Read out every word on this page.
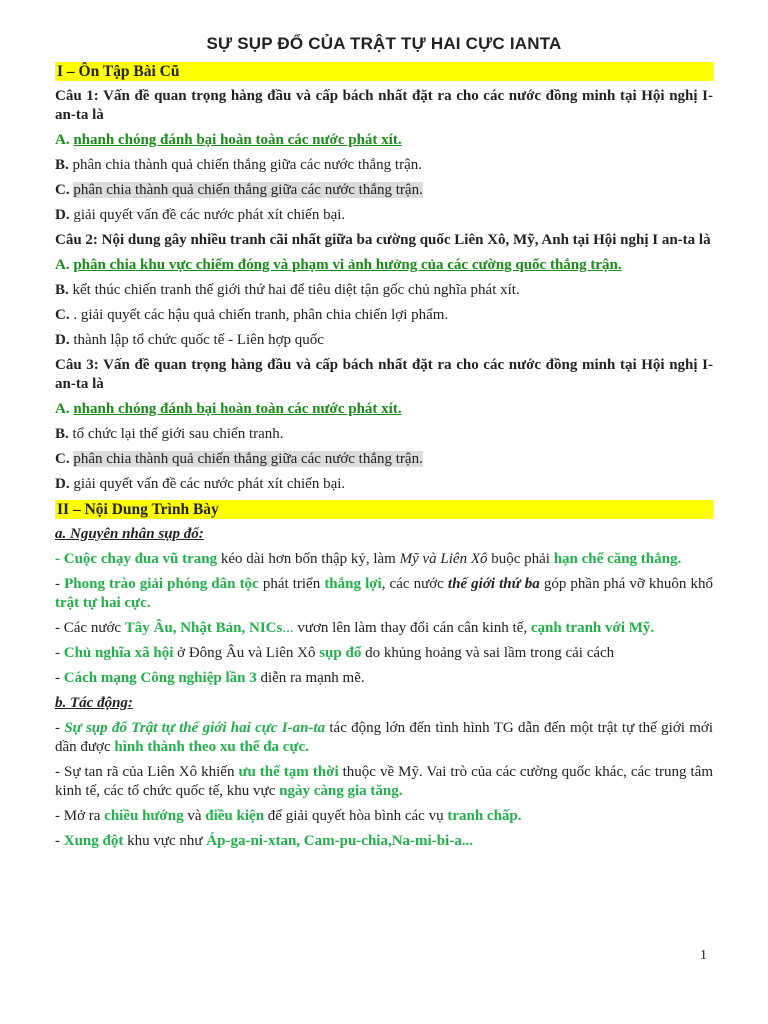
SỰ SỤP ĐỔ CỦA TRẬT TỰ HAI CỰC IANTA
I – Ôn Tập Bài Cũ

Câu 1: Vấn đề quan trọng hàng đầu và cấp bách nhất đặt ra cho các nước đồng minh tại Hội nghị I-an-ta là

A. nhanh chóng đánh bại hoàn toàn các nước phát xít.

B. phân chia thành quả chiến thắng giữa các nước thắng trận.

C. phân chia thành quả chiến thắng giữa các nước thắng trận.

D. giải quyết vấn đề các nước phát xít chiến bại.

Câu 2: Nội dung gây nhiều tranh cãi nhất giữa ba cường quốc Liên Xô, Mỹ, Anh tại Hội nghị I an-ta là

A. phân chia khu vực chiếm đóng và phạm vi ảnh hưởng của các cường quốc thắng trận.

B. kết thúc chiến tranh thế giới thứ hai để tiêu diệt tận gốc chủ nghĩa phát xít.

C. . giải quyết các hậu quả chiến tranh, phân chia chiến lợi phẩm.

D. thành lập tổ chức quốc tế - Liên hợp quốc

Câu 3: Vấn đề quan trọng hàng đầu và cấp bách nhất đặt ra cho các nước đồng minh tại Hội nghị I-an-ta là

A. nhanh chóng đánh bại hoàn toàn các nước phát xít.

B. tổ chức lại thế giới sau chiến tranh.

C. phân chia thành quả chiến thắng giữa các nước thắng trận.

D. giải quyết vấn đề các nước phát xít chiến bại.

II – Nội Dung Trình Bày

a. Nguyên nhân sụp đổ:

- Cuộc chạy đua vũ trang kéo dài hơn bốn thập kỷ, làm Mỹ và Liên Xô buộc phải hạn chế căng thẳng.

- Phong trào giải phóng dân tộc phát triển thắng lợi, các nước thế giới thứ ba góp phần phá vỡ khuôn khổ trật tự hai cực.

- Các nước Tây Âu, Nhật Bản, NICs... vươn lên làm thay đổi cán cân kinh tế, cạnh tranh với Mỹ.

- Chủ nghĩa xã hội ở Đông Âu và Liên Xô sụp đổ do khủng hoảng và sai lầm trong cải cách

- Cách mạng Công nghiệp lần 3 diễn ra mạnh mẽ.

b. Tác động:

- Sự sụp đổ Trật tự thế giới hai cực I-an-ta tác động lớn đến tình hình TG dẫn đến một trật tự thế giới mới dần được hình thành theo xu thế đa cực.

- Sự tan rã của Liên Xô khiến ưu thế tạm thời thuộc về Mỹ. Vai trò của các cường quốc khác, các trung tâm kinh tế, các tổ chức quốc tế, khu vực ngày càng gia tăng.

- Mở ra chiều hướng và điều kiện để giải quyết hòa bình các vụ tranh chấp.

- Xung đột khu vực như Áp-ga-ni-xtan, Cam-pu-chia,Na-mi-bi-a...

1
